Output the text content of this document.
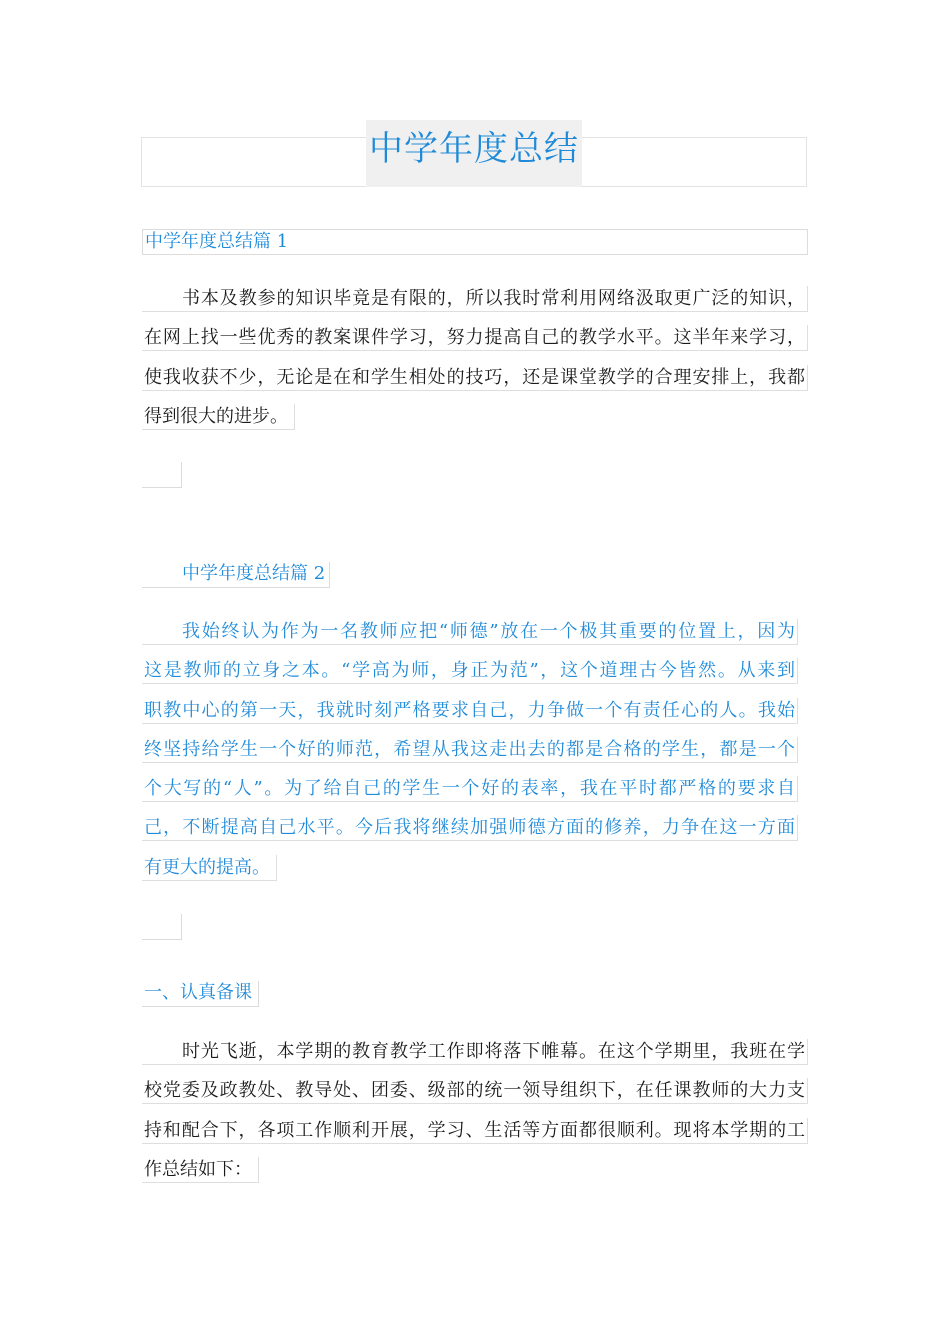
中学年度总结
中学年度总结篇 1
书本及教参的知识毕竟是有限的，所以我时常利用网络汲取更广泛的知识，
在网上找一些优秀的教案课件学习，努力提高自己的教学水平。这半年来学习，
使我收获不少，无论是在和学生相处的技巧，还是课堂教学的合理安排上，我都
得到很大的进步。
中学年度总结篇 2
我始终认为作为一名教师应把“师德”放在一个极其重要的位置上，因为
这是教师的立身之本。“学高为师，身正为范”，这个道理古今皆然。从来到
职教中心的第一天，我就时刻严格要求自己，力争做一个有责任心的人。我始
终坚持给学生一个好的师范，希望从我这走出去的都是合格的学生，都是一个
个大写的“人”。为了给自己的学生一个好的表率，我在平时都严格的要求自
己，不断提高自己水平。今后我将继续加强师德方面的修养，力争在这一方面
有更大的提高。
一、认真备课
时光飞逝，本学期的教育教学工作即将落下帷幕。在这个学期里，我班在学
校党委及政教处、教导处、团委、级部的统一领导组织下，在任课教师的大力支
持和配合下，各项工作顺利开展，学习、生活等方面都很顺利。现将本学期的工
作总结如下：
